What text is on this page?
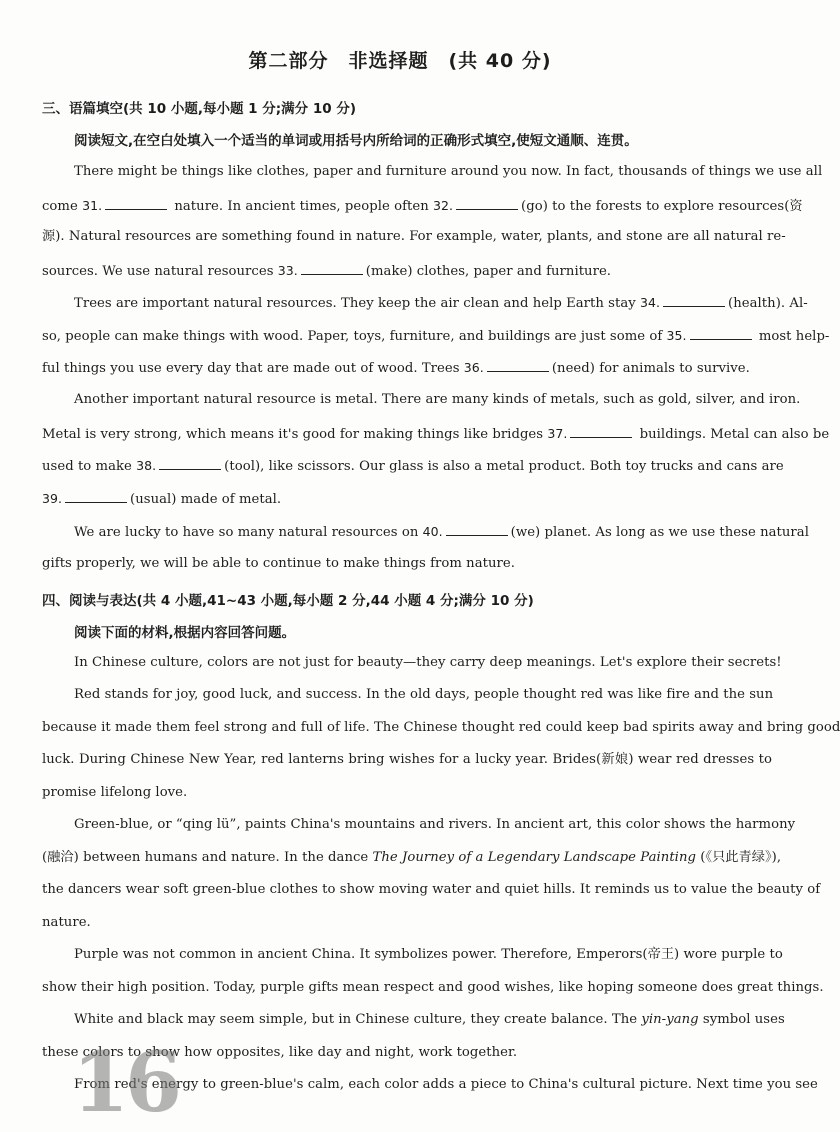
第二部分　非选择题　(共 40 分)
三、语篇填空(共 10 小题,每小题 1 分;满分 10 分)
阅读短文,在空白处填入一个适当的单词或用括号内所给词的正确形式填空,使短文通顺、连贯。
There might be things like clothes, paper and furniture around you now. In fact, thousands of things we use all
come 31.	nature. In ancient times, people often 32.	(go) to the forests to explore resources(资
源). Natural resources are something found in nature. For example, water, plants, and stone are all natural re-
sources. We use natural resources 33.	(make) clothes, paper and furniture.
Trees are important natural resources. They keep the air clean and help Earth stay 34.	(health). Al-
so, people can make things with wood. Paper, toys, furniture, and buildings are just some of 35.	most help-
ful things you use every day that are made out of wood. Trees 36.	(need) for animals to survive.
Another important natural resource is metal. There are many kinds of metals, such as gold, silver, and iron.
Metal is very strong, which means it's good for making things like bridges 37.	buildings. Metal can also be
used to make 38.	(tool), like scissors. Our glass is also a metal product. Both toy trucks and cans are
39.	(usual) made of metal.
We are lucky to have so many natural resources on 40.	(we) planet. As long as we use these natural
gifts properly, we will be able to continue to make things from nature.
四、阅读与表达(共 4 小题,41~43 小题,每小题 2 分,44 小题 4 分;满分 10 分)
阅读下面的材料,根据内容回答问题。
In Chinese culture, colors are not just for beauty—they carry deep meanings. Let's explore their secrets!
Red stands for joy, good luck, and success. In the old days, people thought red was like fire and the sun
because it made them feel strong and full of life. The Chinese thought red could keep bad spirits away and bring good
luck. During Chinese New Year, red lanterns bring wishes for a lucky year. Brides(新娘) wear red dresses to
promise lifelong love.
Green-blue, or “qing lü”, paints China's mountains and rivers. In ancient art, this color shows the harmony
(融洽) between humans and nature. In the dance The Journey of a Legendary Landscape Painting (《只此青绿》),
the dancers wear soft green-blue clothes to show moving water and quiet hills. It reminds us to value the beauty of
nature.
Purple was not common in ancient China. It symbolizes power. Therefore, Emperors(帝王) wore purple to
show their high position. Today, purple gifts mean respect and good wishes, like hoping someone does great things.
White and black may seem simple, but in Chinese culture, they create balance. The yin-yang symbol uses
these colors to show how opposites, like day and night, work together.
From red's energy to green-blue's calm, each color adds a piece to China's cultural picture. Next time you see
16
